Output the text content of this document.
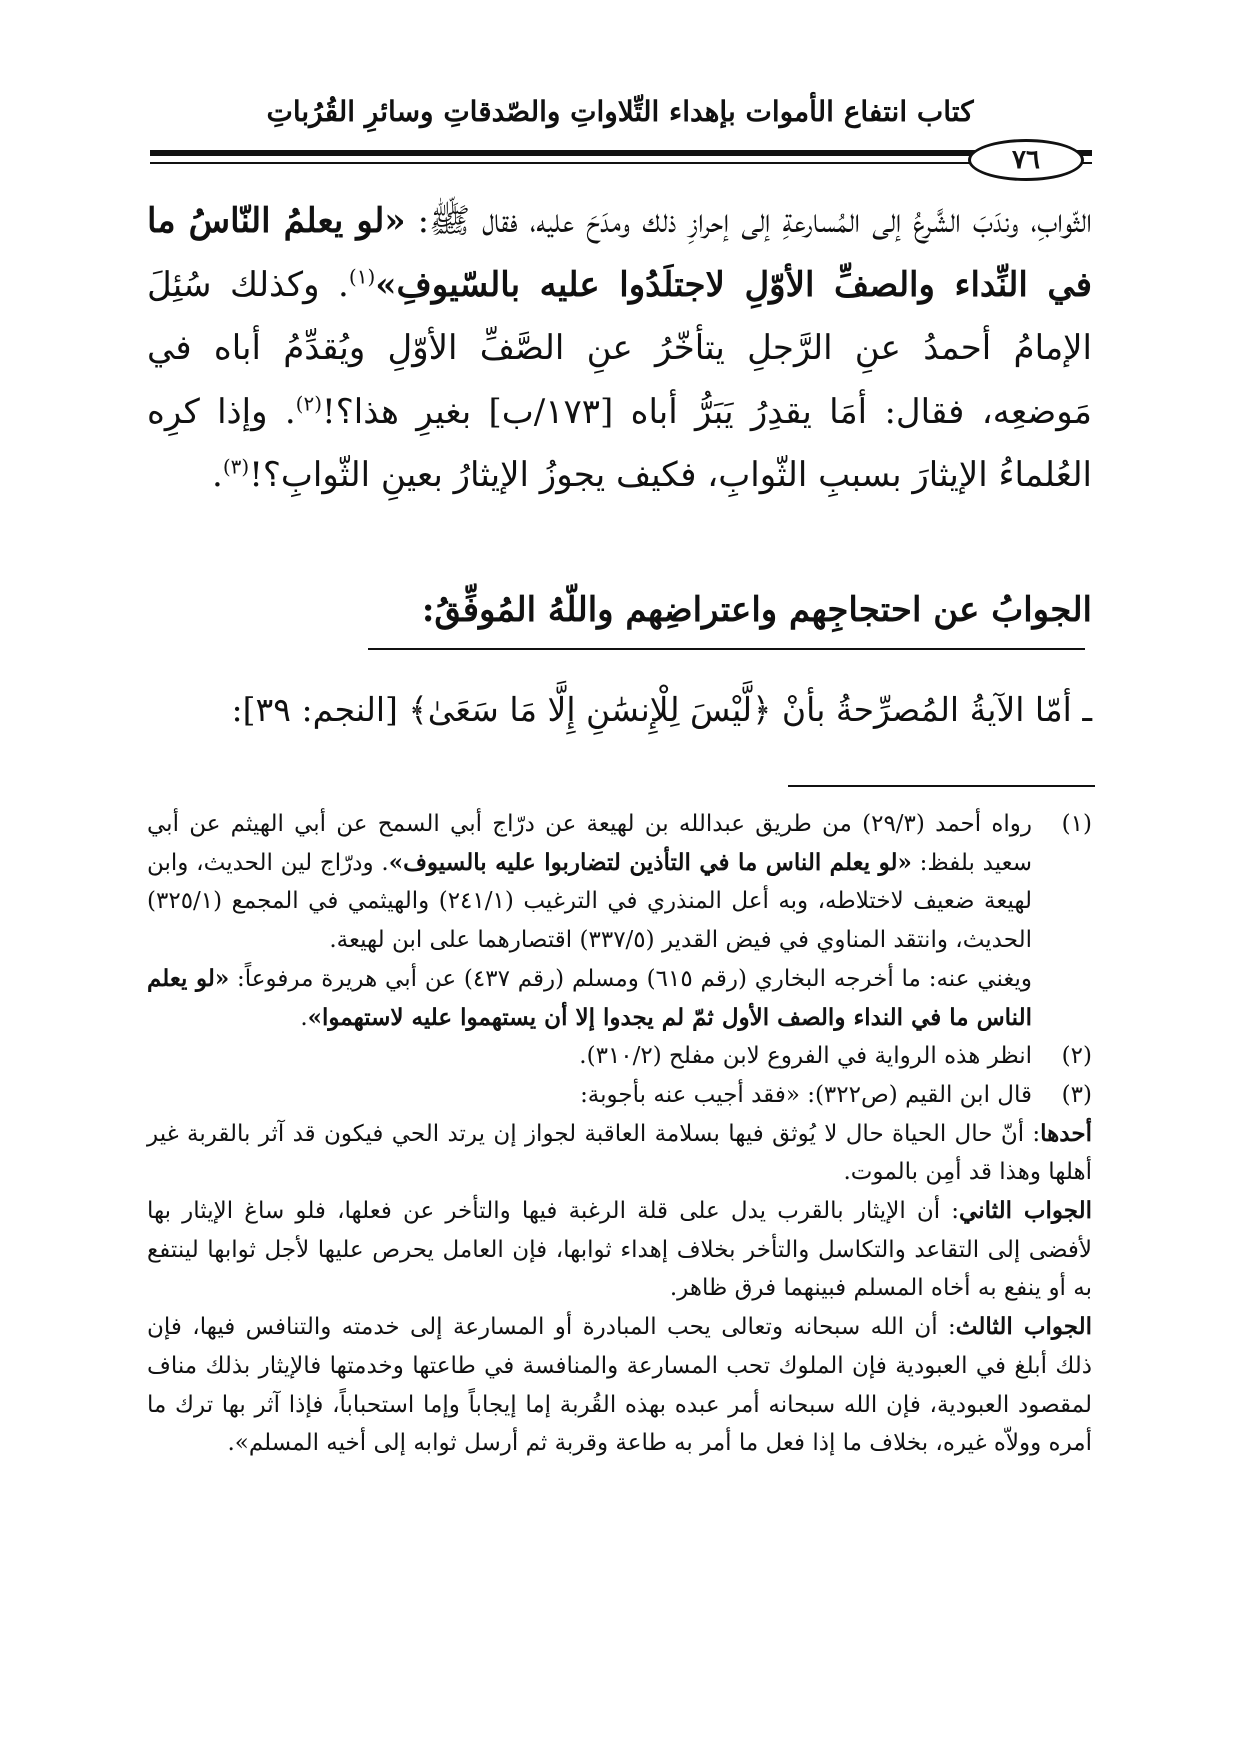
كتاب انتفاع الأموات بإهداء التِّلاواتِ والصّدقاتِ وسائرِ القُرُباتِ
٧٦
الثّوابِ، وندَبَ الشَّرعُ إلى المُسارعةِ إلى إحرازِ ذلك ومدَحَ عليه، فقال ﷺ: «لو يعلمُ النّاسُ ما في النِّداء والصفِّ الأوّلِ لاجتلَدُوا عليه بالسّيوفِ»$^{(١)}$. وكذلك سُئِلَ الإمامُ أحمدُ عنِ الرَّجلِ يتأخّرُ عنِ الصَّفِّ الأوّلِ ويُقدِّمُ أباه في مَوضعِه، فقال: أمَا يقدِرُ يَبَرُّ أباه [١٧٣/ب] بغيرِ هذا؟!$^{(٢)}$. وإذا كرِه العُلماءُ الإيثارَ بسببِ الثّوابِ، فكيف يجوزُ الإيثارُ بعينِ الثّوابِ؟!$^{(٣)}$.
الجوابُ عن احتجاجِهم واعتراضِهم واللّهُ المُوفِّقُ:
ـ أمّا الآيةُ المُصرِّحةُ بأنْ ﴿لَّيْسَ لِلْإِنسَٰنِ إِلَّا مَا سَعَىٰ﴾ [النجم: ٣٩]:
(١)
رواه أحمد (٢٩/٣) من طريق عبدالله بن لهيعة عن درّاج أبي السمح عن أبي الهيثم عن أبي سعيد بلفظ: «لو يعلم الناس ما في التأذين لتضاربوا عليه بالسيوف». ودرّاج لين الحديث، وابن لهيعة ضعيف لاختلاطه، وبه أعل المنذري في الترغيب (٢٤١/١) والهيثمي في المجمع (٣٢٥/١) الحديث، وانتقد المناوي في فيض القدير (٣٣٧/٥) اقتصارهما على ابن لهيعة.
ويغني عنه: ما أخرجه البخاري (رقم ٦١٥) ومسلم (رقم ٤٣٧) عن أبي هريرة مرفوعاً: «لو يعلم الناس ما في النداء والصف الأول ثمّ لم يجدوا إلا أن يستهموا عليه لاستهموا».
(٢)
انظر هذه الرواية في الفروع لابن مفلح (٣١٠/٢).
(٣)
قال ابن القيم (ص٣٢٢): «فقد أجيب عنه بأجوبة:
أحدها: أنّ حال الحياة حال لا يُوثق فيها بسلامة العاقبة لجواز إن يرتد الحي فيكون قد آثر بالقربة غير أهلها وهذا قد أمِن بالموت.
الجواب الثاني: أن الإيثار بالقرب يدل على قلة الرغبة فيها والتأخر عن فعلها، فلو ساغ الإيثار بها لأفضى إلى التقاعد والتكاسل والتأخر بخلاف إهداء ثوابها، فإن العامل يحرص عليها لأجل ثوابها لينتفع به أو ينفع به أخاه المسلم فبينهما فرق ظاهر.
الجواب الثالث: أن الله سبحانه وتعالى يحب المبادرة أو المسارعة إلى خدمته والتنافس فيها، فإن ذلك أبلغ في العبودية فإن الملوك تحب المسارعة والمنافسة في طاعتها وخدمتها فالإيثار بذلك مناف لمقصود العبودية، فإن الله سبحانه أمر عبده بهذه القُربة إما إيجاباً وإما استحباباً، فإذا آثر بها ترك ما أمره وولاّه غيره، بخلاف ما إذا فعل ما أمر به طاعة وقربة ثم أرسل ثوابه إلى أخيه المسلم».
